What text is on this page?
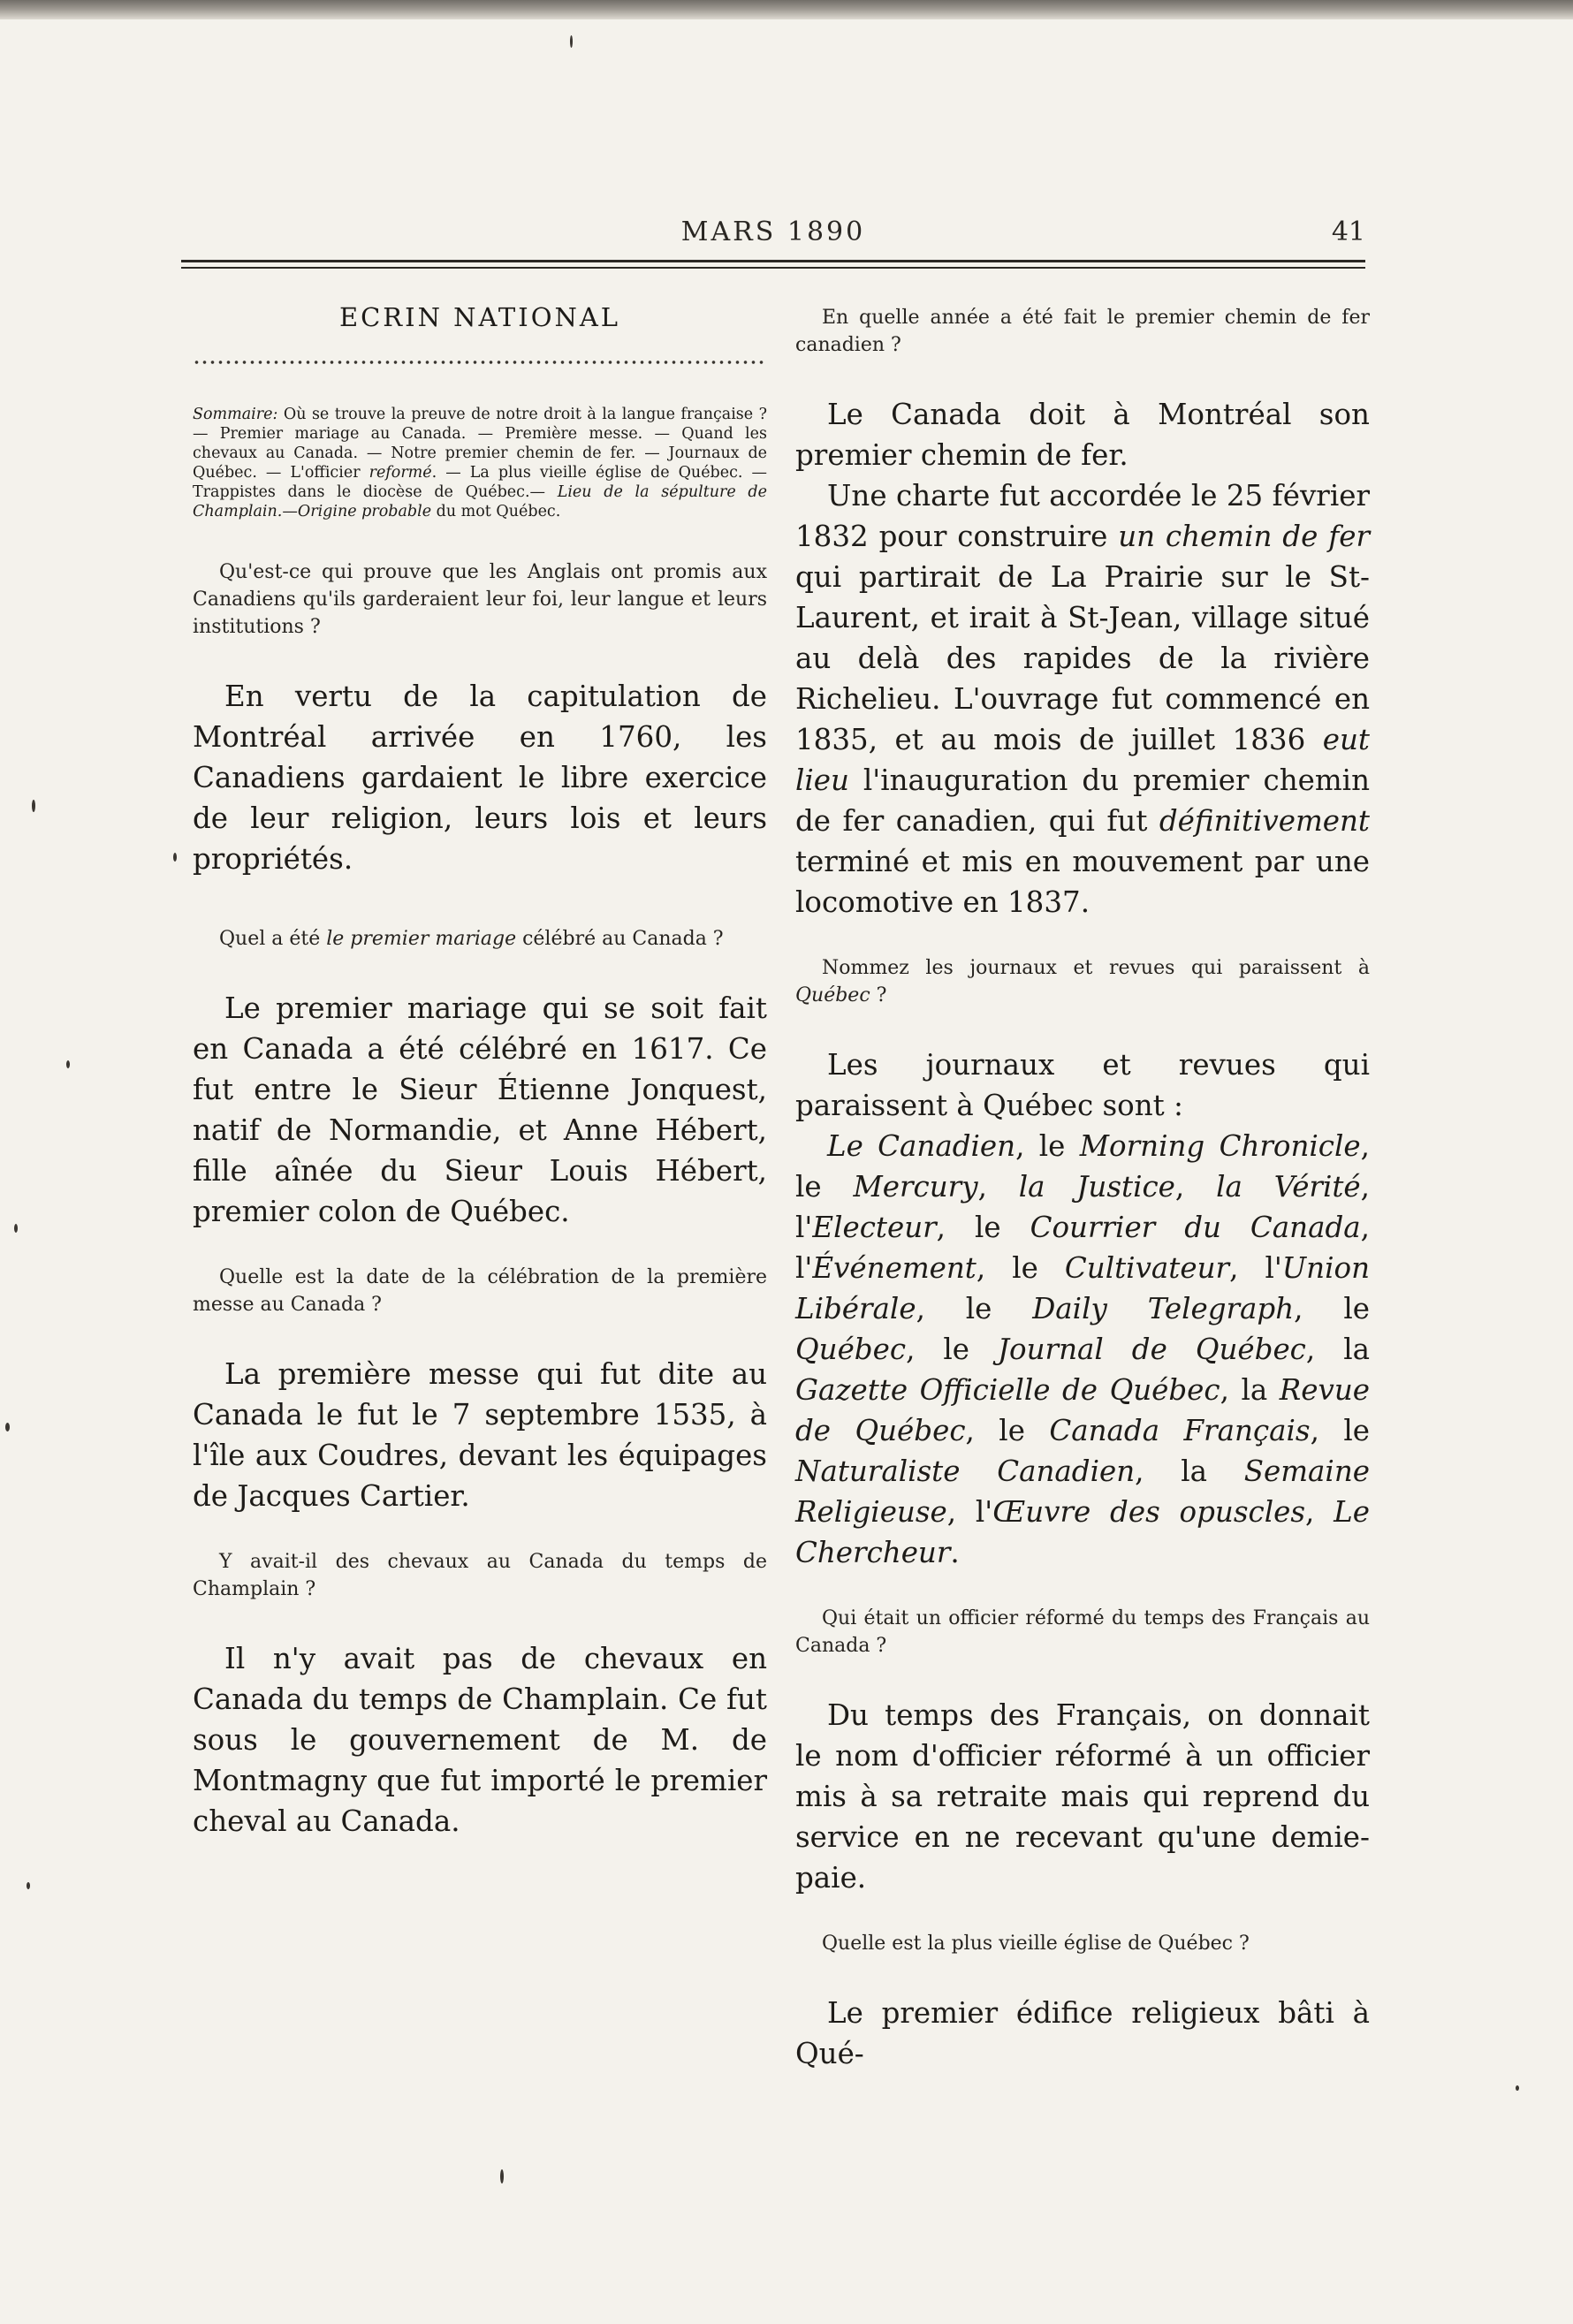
MARS 1890	41
ECRIN NATIONAL

Sommaire: Où se trouve la preuve de notre droit à la langue française ? — Premier mariage au Canada. — Première messe. — Quand les chevaux au Canada. — Notre premier chemin de fer. — Journaux de Québec. — L'officier reformé. — La plus vieille église de Québec. — Trappistes dans le diocèse de Québec.— Lieu de la sépulture de Champlain.—Origine probable du mot Québec.

Qu'est-ce qui prouve que les Anglais ont promis aux Canadiens qu'ils garderaient leur foi, leur langue et leurs institutions ?

En vertu de la capitulation de Montréal arrivée en 1760, les Canadiens gardaient le libre exercice de leur religion, leurs lois et leurs propriétés.

Quel a été le premier mariage célébré au Canada ?

Le premier mariage qui se soit fait en Canada a été célébré en 1617. Ce fut entre le Sieur Étienne Jonquest, natif de Normandie, et Anne Hébert, fille aînée du Sieur Louis Hébert, premier colon de Québec.

Quelle est la date de la célébration de la première messe au Canada ?

La première messe qui fut dite au Canada le fut le 7 septembre 1535, à l'île aux Coudres, devant les équipages de Jacques Cartier.

Y avait-il des chevaux au Canada du temps de Champlain ?

Il n'y avait pas de chevaux en Canada du temps de Champlain. Ce fut sous le gouvernement de M. de Montmagny que fut importé le premier cheval au Canada.

En quelle année a été fait le premier chemin de fer canadien ?

Le Canada doit à Montréal son premier chemin de fer.

Une charte fut accordée le 25 février 1832 pour construire un chemin de fer qui partirait de La Prairie sur le St-Laurent, et irait à St-Jean, village situé au delà des rapides de la rivière Richelieu. L'ouvrage fut commencé en 1835, et au mois de juillet 1836 eut lieu l'inauguration du premier chemin de fer canadien, qui fut définitivement terminé et mis en mouvement par une locomotive en 1837.

Nommez les journaux et revues qui paraissent à Québec ?

Les journaux et revues qui paraissent à Québec sont :

Le Canadien, le Morning Chronicle, le Mercury, la Justice, la Vérité, l'Electeur, le Courrier du Canada, l'Événement, le Cultivateur, l'Union Libérale, le Daily Telegraph, le Québec, le Journal de Québec, la Gazette Officielle de Québec, la Revue de Québec, le Canada Français, le Naturaliste Canadien, la Semaine Religieuse, l'Œuvre des opuscles, Le Chercheur.

Qui était un officier réformé du temps des Français au Canada ?

Du temps des Français, on donnait le nom d'officier réformé à un officier mis à sa retraite mais qui reprend du service en ne recevant qu'une demie-paie.

Quelle est la plus vieille église de Québec ?

Le premier édifice religieux bâti à Qué-
